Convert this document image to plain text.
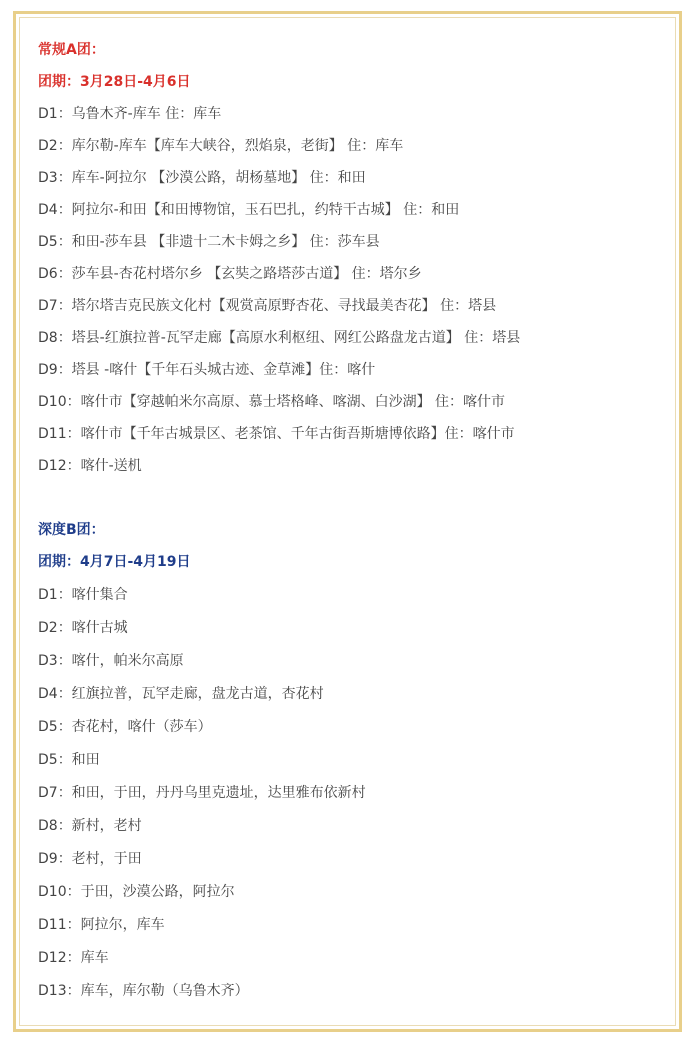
常规A团：
团期：3月28日-4月6日
D1：乌鲁木齐-库车 住：库车
D2：库尔勒-库车【库车大峡谷，烈焰泉，老街】 住：库车
D3：库车-阿拉尔 【沙漠公路，胡杨墓地】 住：和田
D4：阿拉尔-和田【和田博物馆，玉石巴扎，约特干古城】 住：和田
D5：和田-莎车县 【非遗十二木卡姆之乡】 住：莎车县
D6：莎车县-杏花村塔尔乡 【玄奘之路塔莎古道】 住：塔尔乡
D7：塔尔塔吉克民族文化村【观赏高原野杏花、寻找最美杏花】 住：塔县
D8：塔县-红旗拉普-瓦罕走廊【高原水利枢纽、网红公路盘龙古道】 住：塔县
D9：塔县 -喀什【千年石头城古迹、金草滩】住：喀什
D10：喀什市【穿越帕米尔高原、慕士塔格峰、喀湖、白沙湖】 住：喀什市
D11：喀什市【千年古城景区、老茶馆、千年古街吾斯塘博依路】住：喀什市
D12：喀什-送机
深度B团：
团期：4月7日-4月19日
D1：喀什集合
D2：喀什古城
D3：喀什，帕米尔高原
D4：红旗拉普，瓦罕走廊，盘龙古道，杏花村
D5：杏花村，喀什（莎车）
D5：和田
D7：和田，于田，丹丹乌里克遗址，达里雅布依新村
D8：新村，老村
D9：老村，于田
D10：于田，沙漠公路，阿拉尔
D11：阿拉尔，库车
D12：库车
D13：库车，库尔勒（乌鲁木齐）
